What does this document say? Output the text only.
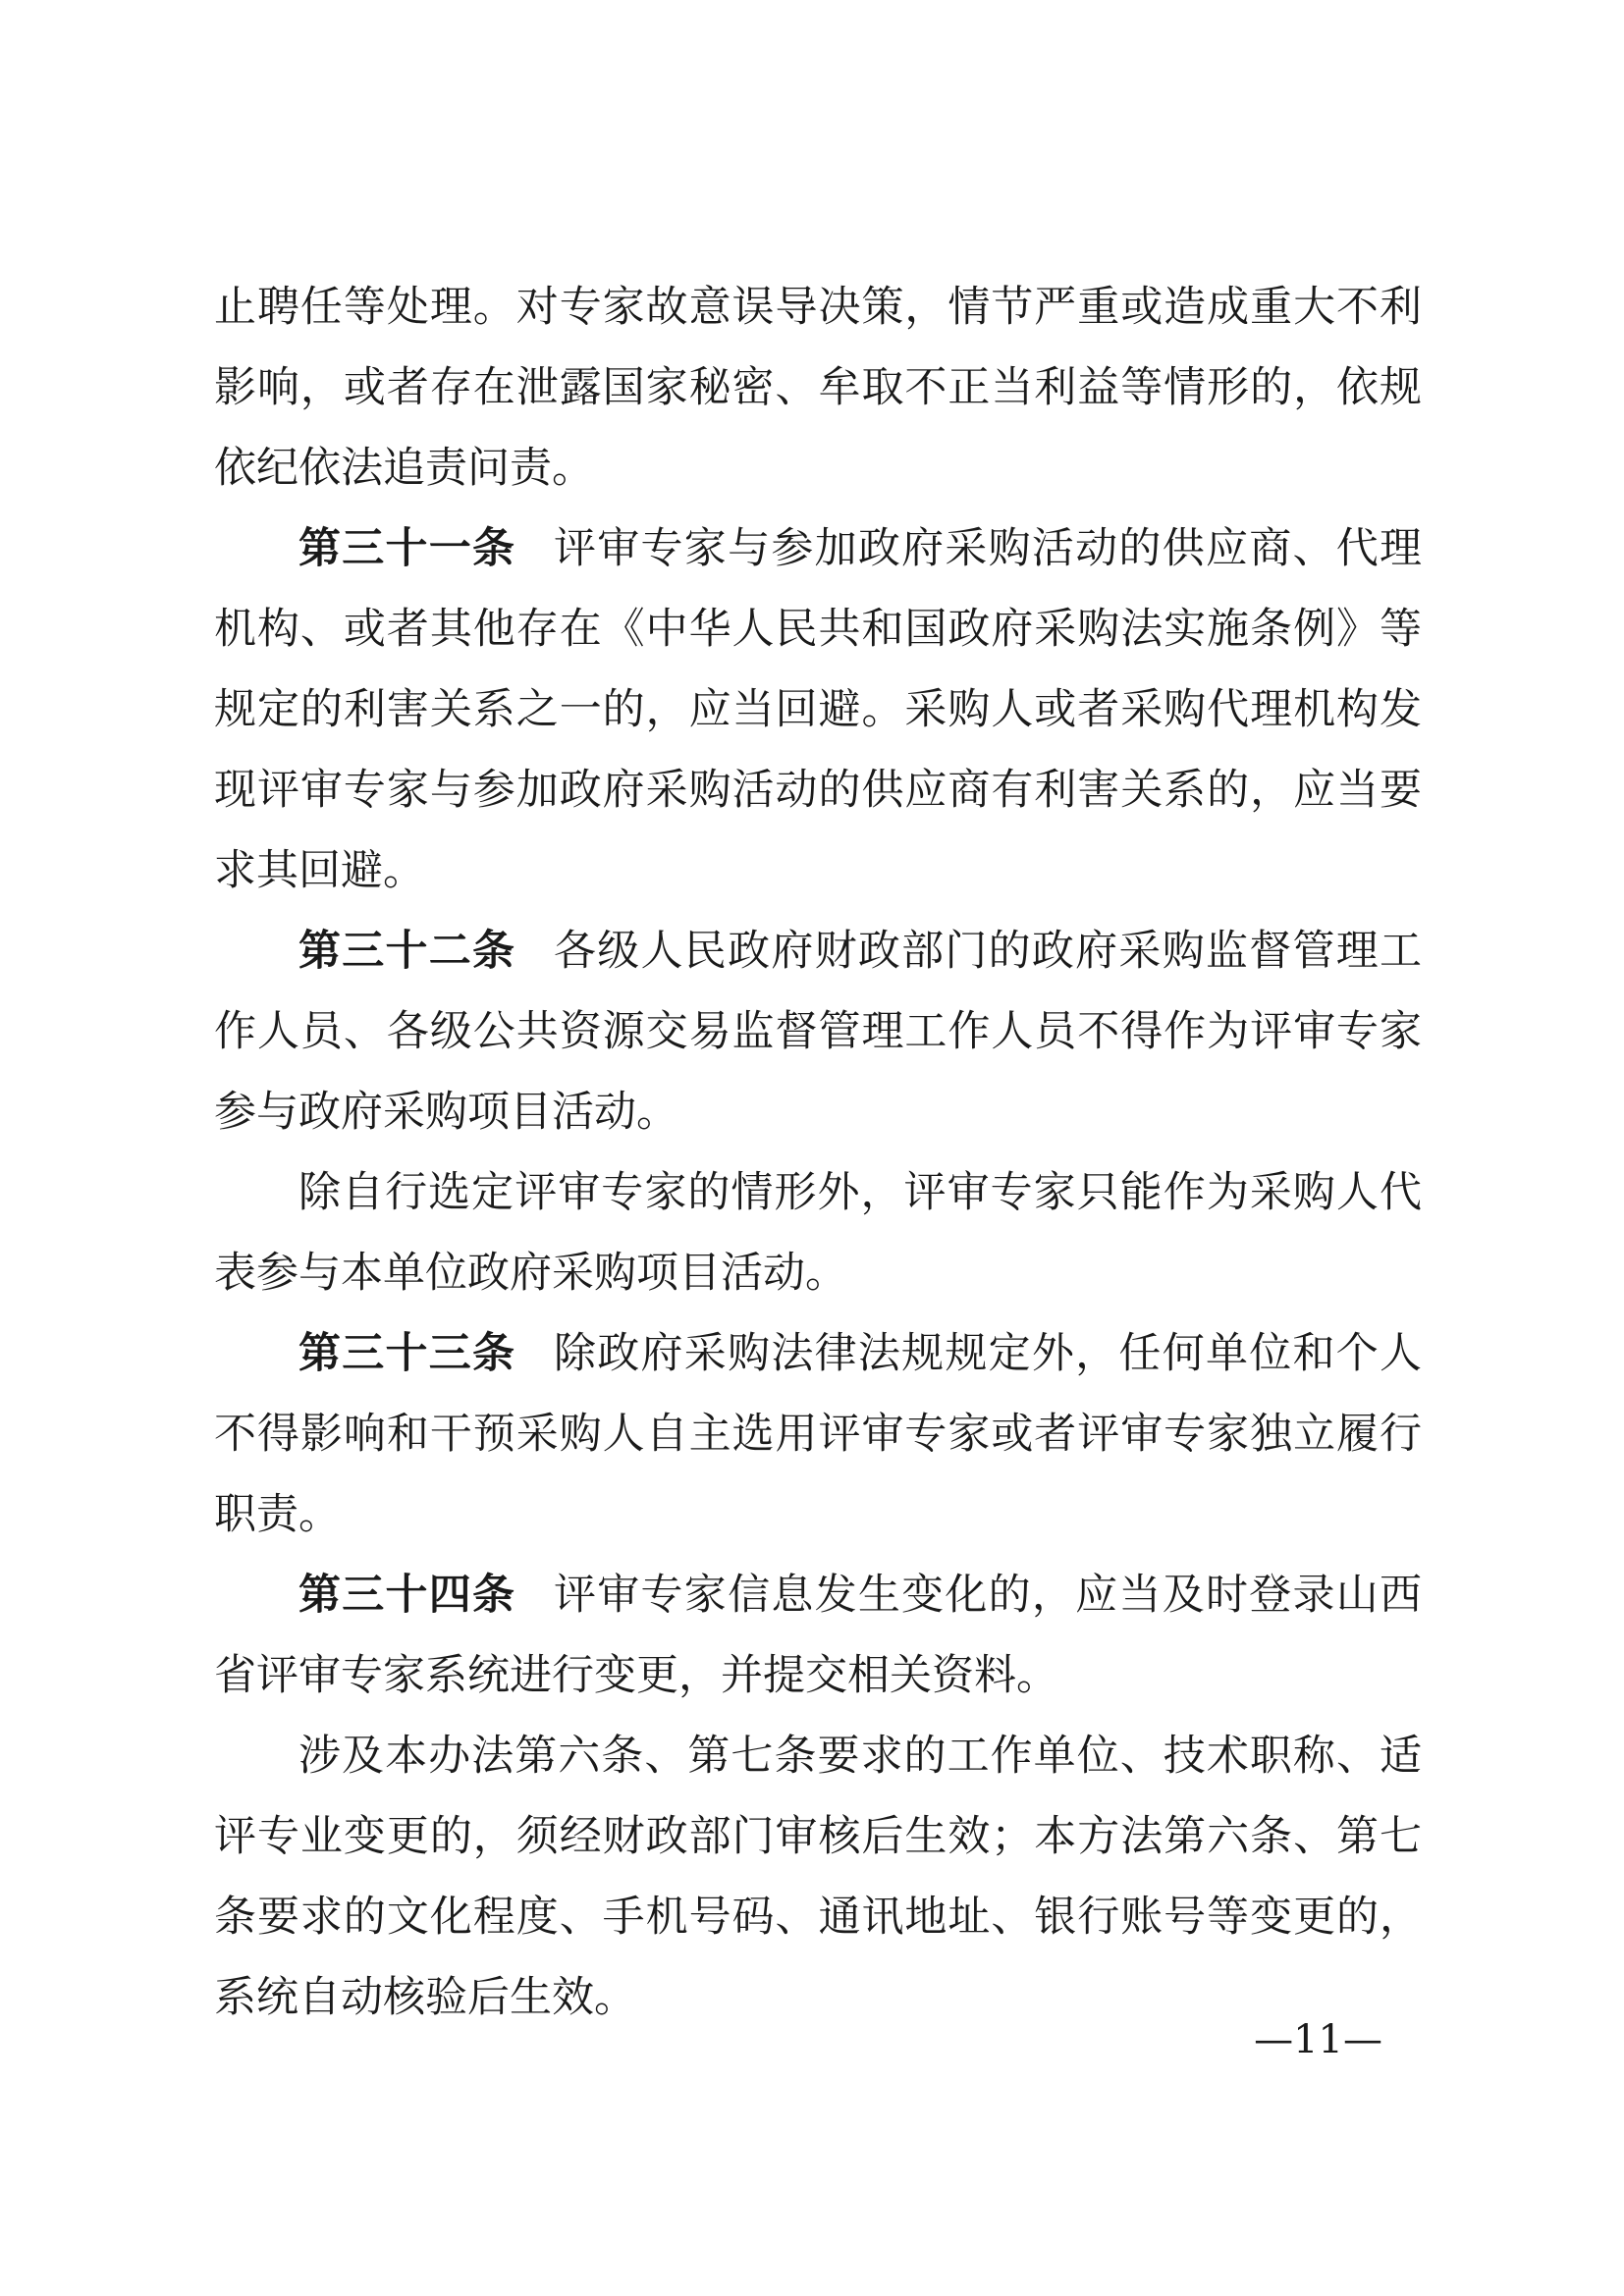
止聘任等处理。对专家故意误导决策，情节严重或造成重大不利影响，或者存在泄露国家秘密、牟取不正当利益等情形的，依规依纪依法追责问责。

第三十一条 评审专家与参加政府采购活动的供应商、代理机构、或者其他存在《中华人民共和国政府采购法实施条例》等规定的利害关系之一的，应当回避。采购人或者采购代理机构发现评审专家与参加政府采购活动的供应商有利害关系的，应当要求其回避。

第三十二条 各级人民政府财政部门的政府采购监督管理工作人员、各级公共资源交易监督管理工作人员不得作为评审专家参与政府采购项目活动。

除自行选定评审专家的情形外，评审专家只能作为采购人代表参与本单位政府采购项目活动。

第三十三条 除政府采购法律法规规定外，任何单位和个人不得影响和干预采购人自主选用评审专家或者评审专家独立履行职责。

第三十四条 评审专家信息发生变化的，应当及时登录山西省评审专家系统进行变更，并提交相关资料。

涉及本办法第六条、第七条要求的工作单位、技术职称、适评专业变更的，须经财政部门审核后生效；本方法第六条、第七条要求的文化程度、手机号码、通讯地址、银行账号等变更的，系统自动核验后生效。

—11—
